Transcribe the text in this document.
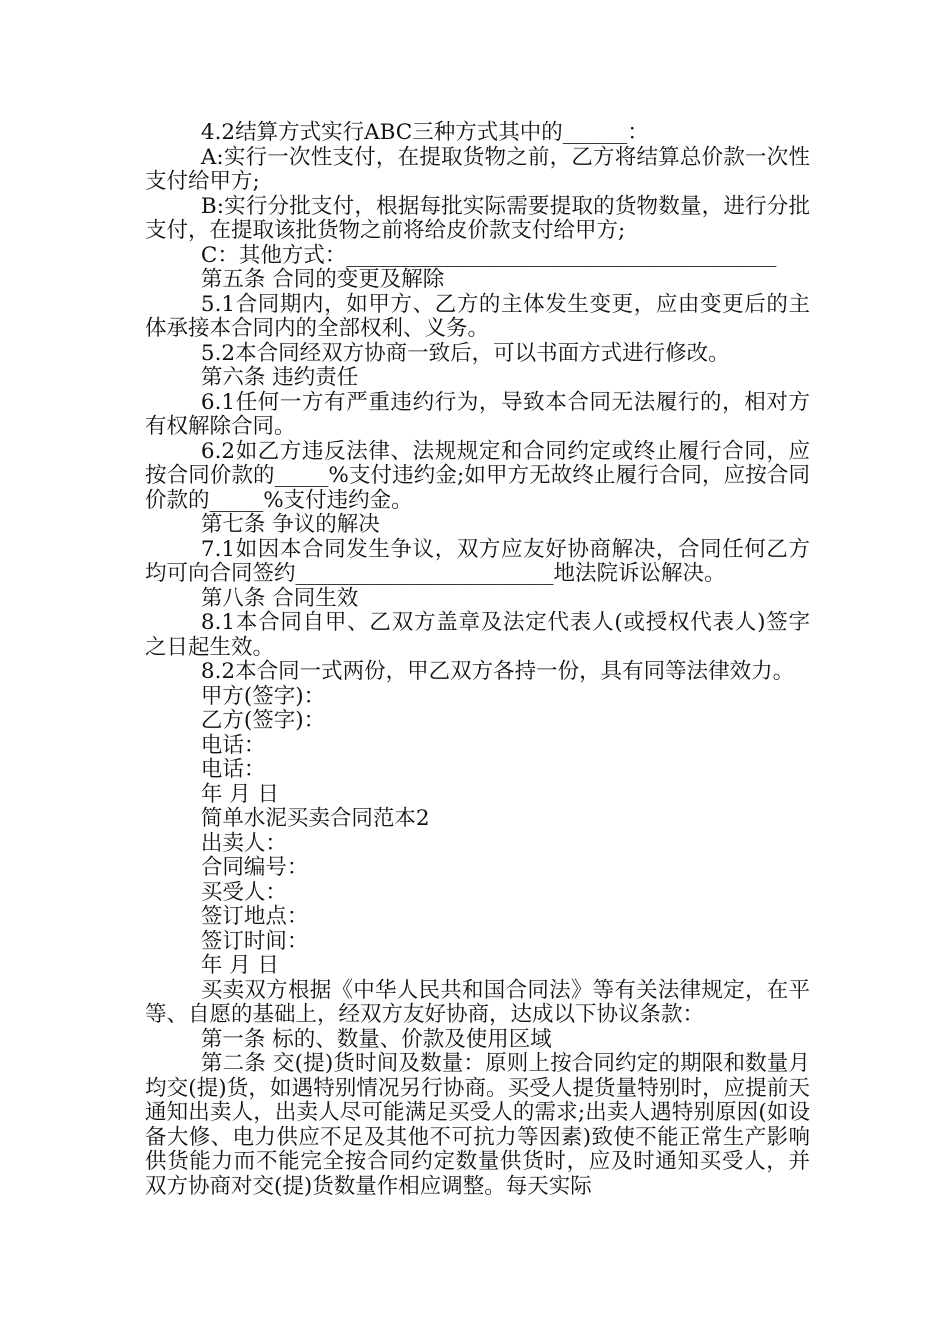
4.2结算方式实行ABC三种方式其中的______：

A:实行一次性支付，在提取货物之前，乙方将结算总价款一次性支付给甲方;

B:实行分批支付，根据每批实际需要提取的货物数量，进行分批支付，在提取该批货物之前将给皮价款支付给甲方;

C：其他方式：________________________________________

第五条 合同的变更及解除

5.1合同期内，如甲方、乙方的主体发生变更，应由变更后的主体承接本合同内的全部权利、义务。

5.2本合同经双方协商一致后，可以书面方式进行修改。

第六条 违约责任

6.1任何一方有严重违约行为，导致本合同无法履行的，相对方有权解除合同。

6.2如乙方违反法律、法规规定和合同约定或终止履行合同，应按合同价款的_____%支付违约金;如甲方无故终止履行合同，应按合同价款的_____%支付违约金。

第七条 争议的解决

7.1如因本合同发生争议，双方应友好协商解决，合同任何乙方均可向合同签约________________________地法院诉讼解决。

第八条 合同生效

8.1本合同自甲、乙双方盖章及法定代表人(或授权代表人)签字之日起生效。

8.2本合同一式两份，甲乙双方各持一份，具有同等法律效力。

甲方(签字)：

乙方(签字)：

电话：

电话：

年 月 日

简单水泥买卖合同范本2

出卖人：

合同编号：

买受人：

签订地点：

签订时间：

年 月 日

买卖双方根据《中华人民共和国合同法》等有关法律规定，在平等、自愿的基础上，经双方友好协商，达成以下协议条款：

第一条 标的、数量、价款及使用区域

第二条 交(提)货时间及数量：原则上按合同约定的期限和数量月均交(提)货，如遇特别情况另行协商。买受人提货量特别时，应提前天通知出卖人，出卖人尽可能满足买受人的需求;出卖人遇特别原因(如设备大修、电力供应不足及其他不可抗力等因素)致使不能正常生产影响供货能力而不能完全按合同约定数量供货时，应及时通知买受人，并双方协商对交(提)货数量作相应调整。每天实际
